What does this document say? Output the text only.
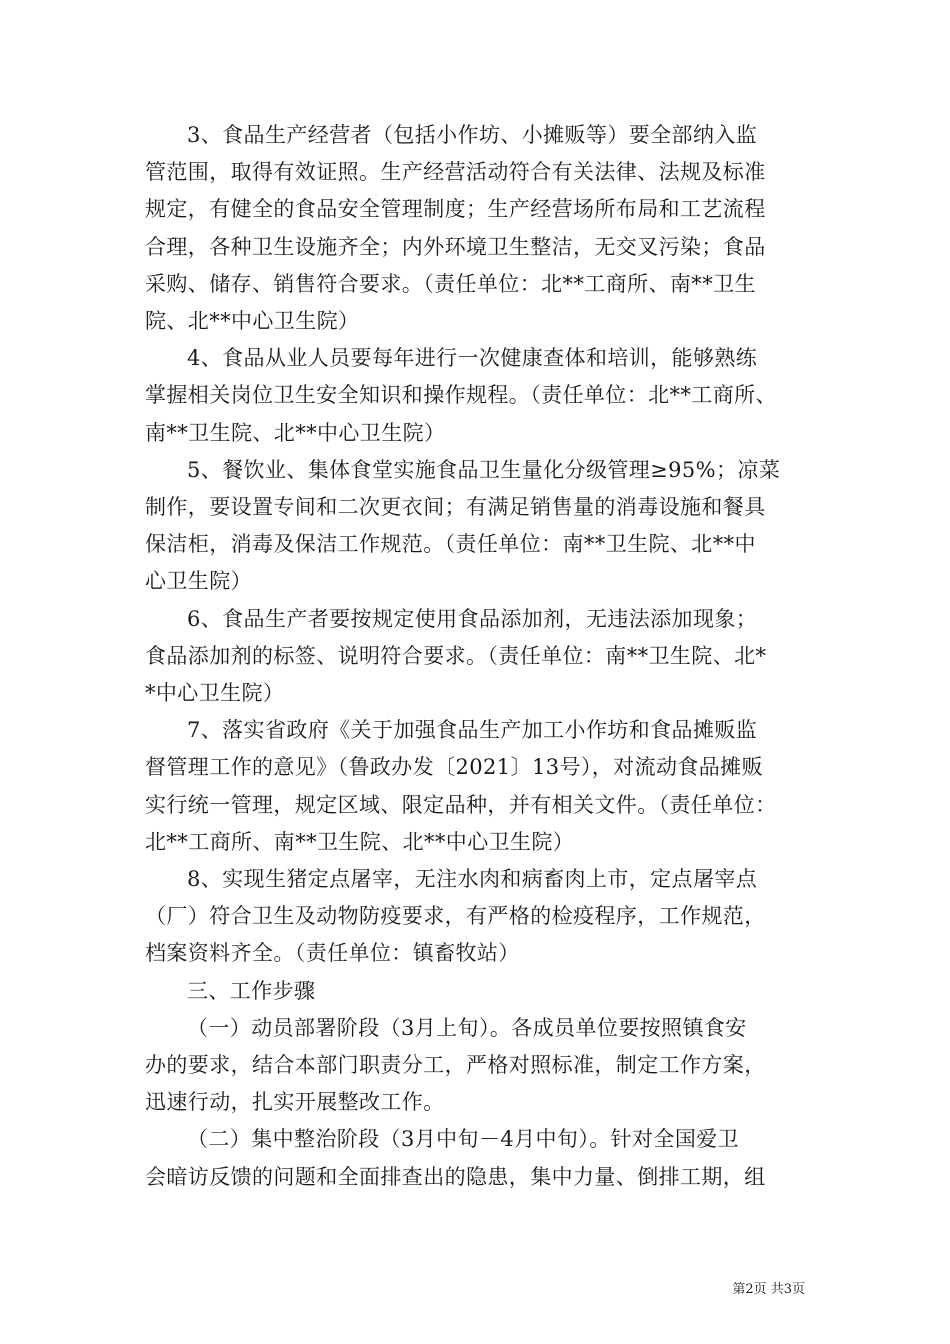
3、食品生产经营者（包括小作坊、小摊贩等）要全部纳入监
管范围，取得有效证照。生产经营活动符合有关法律、法规及标准
规定，有健全的食品安全管理制度；生产经营场所布局和工艺流程
合理，各种卫生设施齐全；内外环境卫生整洁，无交叉污染；食品
采购、储存、销售符合要求。（责任单位：北**工商所、南**卫生
院、北**中心卫生院）
4、食品从业人员要每年进行一次健康查体和培训，能够熟练
掌握相关岗位卫生安全知识和操作规程。（责任单位：北**工商所、
南**卫生院、北**中心卫生院）
5、餐饮业、集体食堂实施食品卫生量化分级管理≥95%；凉菜
制作，要设置专间和二次更衣间；有满足销售量的消毒设施和餐具
保洁柜，消毒及保洁工作规范。（责任单位：南**卫生院、北**中
心卫生院）
6、食品生产者要按规定使用食品添加剂，无违法添加现象；
食品添加剂的标签、说明符合要求。（责任单位：南**卫生院、北*
*中心卫生院）
7、落实省政府《关于加强食品生产加工小作坊和食品摊贩监
督管理工作的意见》（鲁政办发〔2021〕13号），对流动食品摊贩
实行统一管理，规定区域、限定品种，并有相关文件。（责任单位：
北**工商所、南**卫生院、北**中心卫生院）
8、实现生猪定点屠宰，无注水肉和病畜肉上市，定点屠宰点
（厂）符合卫生及动物防疫要求，有严格的检疫程序，工作规范，
档案资料齐全。（责任单位：镇畜牧站）
三、工作步骤
（一）动员部署阶段（3月上旬）。各成员单位要按照镇食安
办的要求，结合本部门职责分工，严格对照标准，制定工作方案，
迅速行动，扎实开展整改工作。
（二）集中整治阶段（3月中旬－4月中旬）。针对全国爱卫
会暗访反馈的问题和全面排查出的隐患，集中力量、倒排工期，组
第2页 共3页
